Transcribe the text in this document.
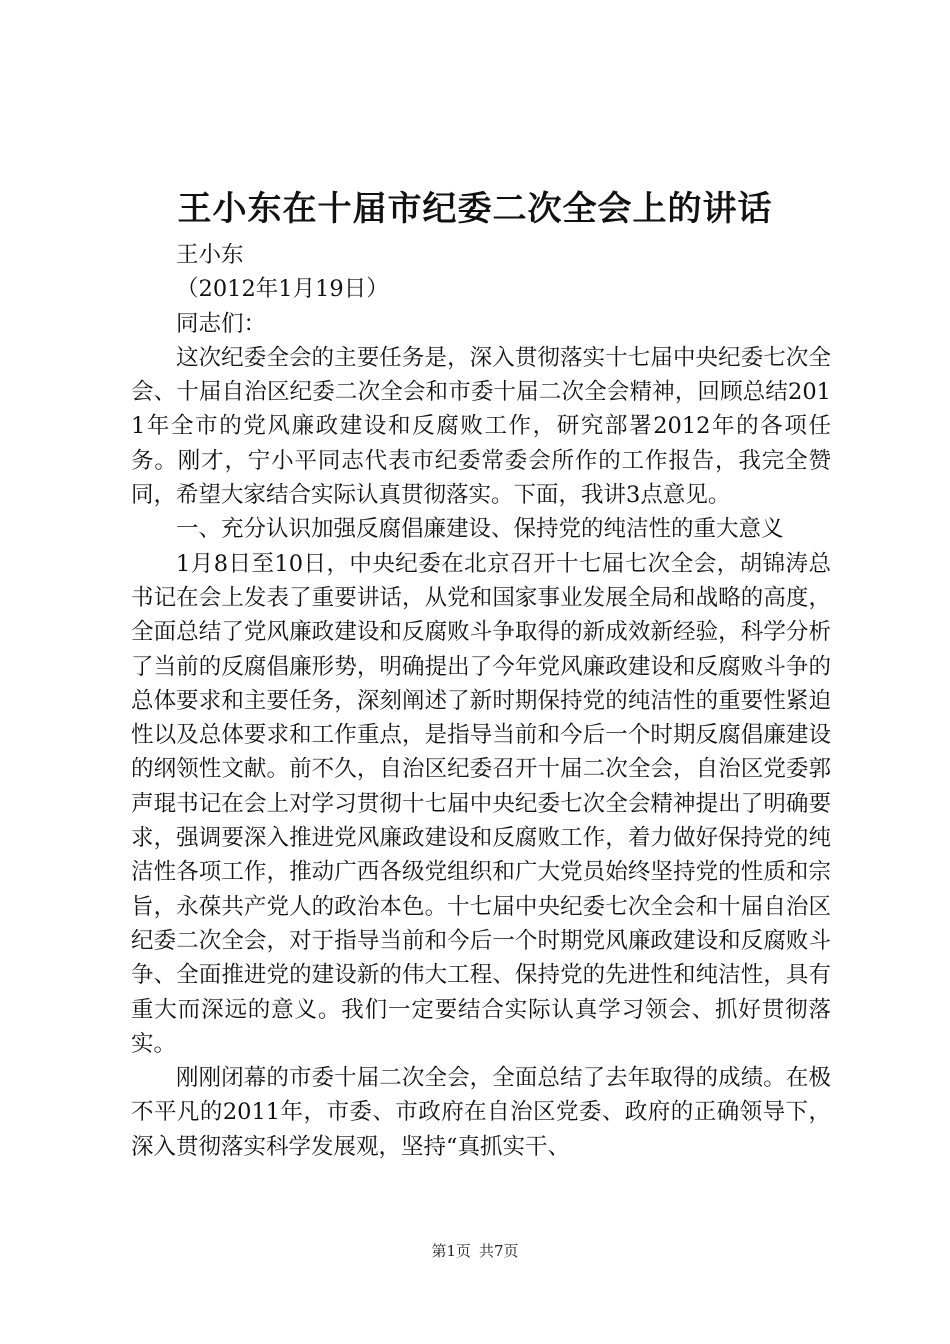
王小东在十届市纪委二次全会上的讲话

王小东

（2012年1月19日）

同志们：

这次纪委全会的主要任务是，深入贯彻落实十七届中央纪委七次全会、十届自治区纪委二次全会和市委十届二次全会精神，回顾总结2011年全市的党风廉政建设和反腐败工作，研究部署2012年的各项任务。刚才，宁小平同志代表市纪委常委会所作的工作报告，我完全赞同，希望大家结合实际认真贯彻落实。下面，我讲3点意见。

一、充分认识加强反腐倡廉建设、保持党的纯洁性的重大意义

1月8日至10日，中央纪委在北京召开十七届七次全会，胡锦涛总书记在会上发表了重要讲话，从党和国家事业发展全局和战略的高度，全面总结了党风廉政建设和反腐败斗争取得的新成效新经验，科学分析了当前的反腐倡廉形势，明确提出了今年党风廉政建设和反腐败斗争的总体要求和主要任务，深刻阐述了新时期保持党的纯洁性的重要性紧迫性以及总体要求和工作重点，是指导当前和今后一个时期反腐倡廉建设的纲领性文献。前不久，自治区纪委召开十届二次全会，自治区党委郭声琨书记在会上对学习贯彻十七届中央纪委七次全会精神提出了明确要求，强调要深入推进党风廉政建设和反腐败工作，着力做好保持党的纯洁性各项工作，推动广西各级党组织和广大党员始终坚持党的性质和宗旨，永葆共产党人的政治本色。十七届中央纪委七次全会和十届自治区纪委二次全会，对于指导当前和今后一个时期党风廉政建设和反腐败斗争、全面推进党的建设新的伟大工程、保持党的先进性和纯洁性，具有重大而深远的意义。我们一定要结合实际认真学习领会、抓好贯彻落实。

刚刚闭幕的市委十届二次全会，全面总结了去年取得的成绩。在极不平凡的2011年，市委、市政府在自治区党委、政府的正确领导下，深入贯彻落实科学发展观，坚持“真抓实干、

第1页 共7页
